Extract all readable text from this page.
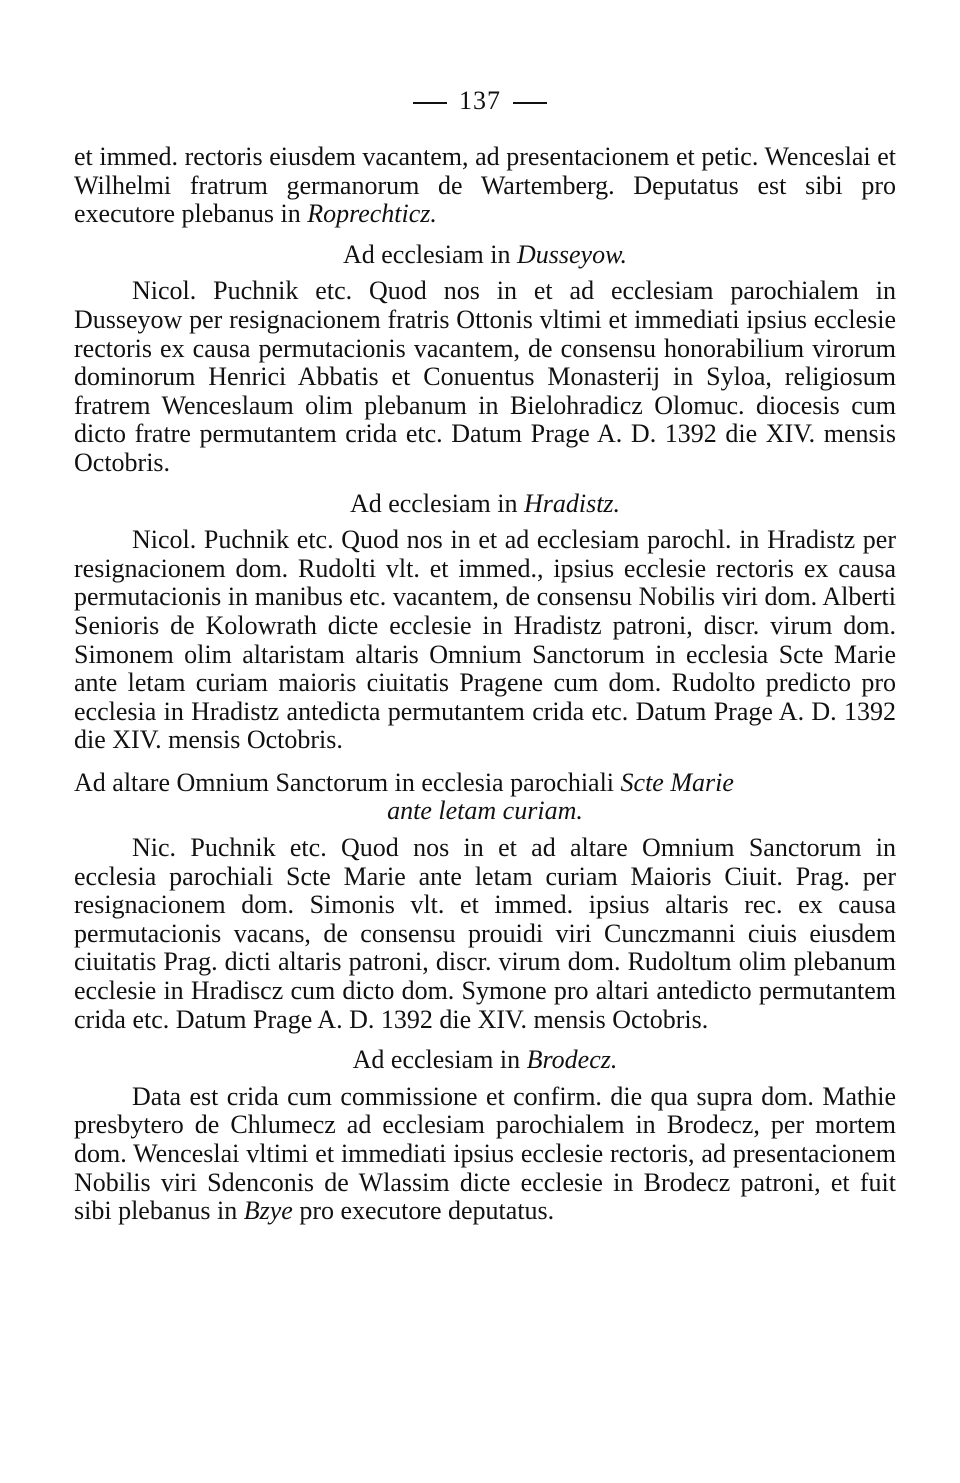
137

et immed. rectoris eiusdem vacantem, ad presentacionem et petic. Wenceslai et Wilhelmi fratrum germanorum de Wartemberg. Deputatus est sibi pro executore plebanus in Roprechticz.

Ad ecclesiam in Dusseyow.

Nicol. Puchnik etc. Quod nos in et ad ecclesiam parochialem in Dusseyow per resignacionem fratris Ottonis vltimi et immediati ipsius ecclesie rectoris ex causa permutacionis vacantem, de consensu honorabilium virorum dominorum Henrici Abbatis et Conuentus Monasterij in Syloa, religiosum fratrem Wenceslaum olim plebanum in Bielohradicz Olomuc. diocesis cum dicto fratre permutantem crida etc. Datum Prage A. D. 1392 die XIV. mensis Octobris.

Ad ecclesiam in Hradistz.

Nicol. Puchnik etc. Quod nos in et ad ecclesiam parochl. in Hradistz per resignacionem dom. Rudolti vlt. et immed., ipsius ecclesie rectoris ex causa permutacionis in manibus etc. vacantem, de consensu Nobilis viri dom. Alberti Senioris de Kolowrath dicte ecclesie in Hradistz patroni, discr. virum dom. Simonem olim altaristam altaris Omnium Sanctorum in ecclesia Scte Marie ante letam curiam maioris ciuitatis Pragene cum dom. Rudolto predicto pro ecclesia in Hradistz antedicta permutantem crida etc. Datum Prage A. D. 1392 die XIV. mensis Octobris.

Ad altare Omnium Sanctorum in ecclesia parochiali Scte Marie
ante letam curiam.

Nic. Puchnik etc. Quod nos in et ad altare Omnium Sanctorum in ecclesia parochiali Scte Marie ante letam curiam Maioris Ciuit. Prag. per resignacionem dom. Simonis vlt. et immed. ipsius altaris rec. ex causa permutacionis vacans, de consensu prouidi viri Cunczmanni ciuis eiusdem ciuitatis Prag. dicti altaris patroni, discr. virum dom. Rudoltum olim plebanum ecclesie in Hradiscz cum dicto dom. Symone pro altari antedicto permutantem crida etc. Datum Prage A. D. 1392 die XIV. mensis Octobris.

Ad ecclesiam in Brodecz.

Data est crida cum commissione et confirm. die qua supra dom. Mathie presbytero de Chlumecz ad ecclesiam parochialem in Brodecz, per mortem dom. Wenceslai vltimi et immediati ipsius ecclesie rectoris, ad presentacionem Nobilis viri Sdenconis de Wlassim dicte ecclesie in Brodecz patroni, et fuit sibi plebanus in Bzye pro executore deputatus.
